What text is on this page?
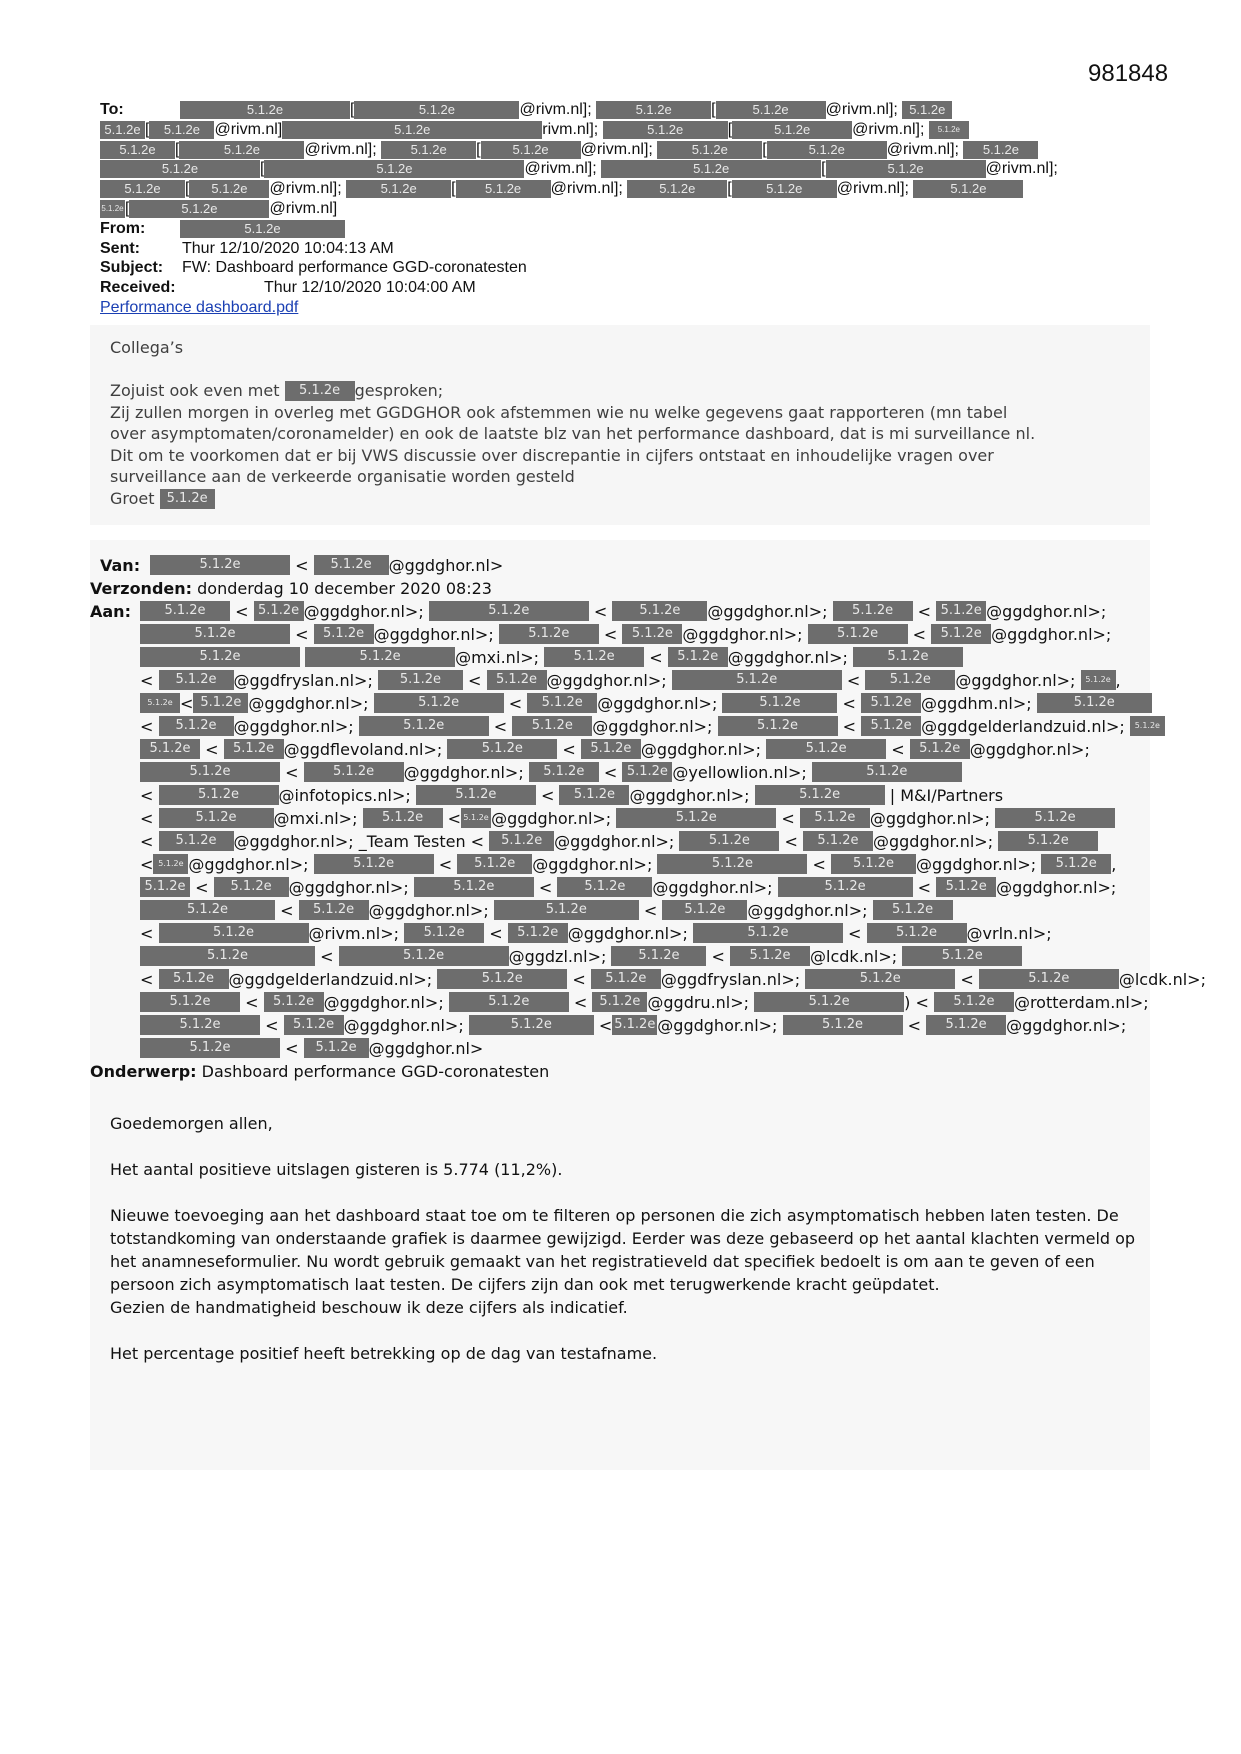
981848
To:	5.1.2e	[	5.1.2e	@rivm.nl];	5.1.2e [	5.1.2e @rivm.nl]; 5.1.2e
5.1.2e [ 5.1.2e @rivm.nl]	5.1.2e	rivm.nl];	5.1.2e	[	5.1.2e	@rivm.nl]; 5.1.2e
5.1.2e [	5.1.2e	@rivm.nl]; 5.1.2e [ 5.1.2e @rivm.nl];	5.1.2e [	5.1.2e	@rivm.nl]; 5.1.2e
5.1.2e	[	5.1.2e	@rivm.nl];	5.1.2e	[	5.1.2e	@rivm.nl];
5.1.2e [ 5.1.2e @rivm.nl];	5.1.2e [ 5.1.2e @rivm.nl]; 5.1.2e [	5.1.2e @rivm.nl];	5.1.2e
5.1.2e[	5.1.2e	@rivm.nl]
From:	5.1.2e
Sent:	Thur 12/10/2020 10:04:13 AM
Subject: FW: Dashboard performance GGD-coronatesten
Received:	Thur 12/10/2020 10:04:00 AM
Performance dashboard.pdf

Collega’s

Zojuist ook even met 5.1.2e gesproken;

Zij zullen morgen in overleg met GGDGHOR ook afstemmen wie nu welke gegevens gaat rapporteren (mn tabel

over asymptomaten/coronamelder) en ook de laatste blz van het performance dashboard, dat is mi surveillance nl.

Dit om te voorkomen dat er bij VWS discussie over discrepantie in cijfers ontstaat en inhoudelijke vragen over

surveillance aan de verkeerde organisatie worden gesteld

Groet 5.1.2e

Van:	5.1.2e	< 5.1.2e @ggdghor.nl>
Verzonden: donderdag 10 december 2020 08:23
Aan:	5.1.2e < 5.1.2e @ggdghor.nl>;	5.1.2e	< 5.1.2e @ggdghor.nl>; 5.1.2e < 5.1.2e @ggdghor.nl>;
5.1.2e	< 5.1.2e @ggdghor.nl>; 5.1.2e < 5.1.2e @ggdghor.nl>; 5.1.2e < 5.1.2e @ggdghor.nl>;
5.1.2e	5.1.2e	@mxi.nl>; 5.1.2e < 5.1.2e @ggdghor.nl>;	5.1.2e
< 5.1.2e @ggdfryslan.nl>; 5.1.2e < 5.1.2e @ggdghor.nl>;	5.1.2e	< 5.1.2e @ggdghor.nl>; 5.1.2e ,
5.1.2e < 5.1.2e @ggdghor.nl>;	5.1.2e	< 5.1.2e @ggdghor.nl>;	5.1.2e < 5.1.2e @ggdhm.nl>;	5.1.2e
< 5.1.2e @ggdghor.nl>;	5.1.2e	< 5.1.2e @ggdghor.nl>;	5.1.2e < 5.1.2e @ggdgelderlandzuid.nl>; 5.1.2e
5.1.2e < 5.1.2e @ggdflevoland.nl>;	5.1.2e < 5.1.2e @ggdghor.nl>;	5.1.2e < 5.1.2e @ggdghor.nl>;
5.1.2e	< 5.1.2e @ggdghor.nl>; 5.1.2e < 5.1.2e @yellowlion.nl>;	5.1.2e
<	5.1.2e @infotopics.nl>;	5.1.2e < 5.1.2e @ggdghor.nl>;	5.1.2e	| M&I/Partners
<	5.1.2e @mxi.nl>; 5.1.2e < 5.1.2e @ggdghor.nl>;	5.1.2e	< 5.1.2e @ggdghor.nl>;	5.1.2e
< 5.1.2e @ggdghor.nl>; _Team Testen < 5.1.2e @ggdghor.nl>; 5.1.2e < 5.1.2e @ggdghor.nl>; 5.1.2e
< 5.1.2e @ggdghor.nl>;	5.1.2e < 5.1.2e @ggdghor.nl>;	5.1.2e	< 5.1.2e @ggdghor.nl>; 5.1.2e ,
5.1.2e < 5.1.2e @ggdghor.nl>;	5.1.2e < 5.1.2e @ggdghor.nl>;	5.1.2e	< 5.1.2e @ggdghor.nl>;
5.1.2e	< 5.1.2e @ggdghor.nl>;	5.1.2e	< 5.1.2e @ggdghor.nl>; 5.1.2e
<	5.1.2e	@rivm.nl>; 5.1.2e < 5.1.2e @ggdghor.nl>;	5.1.2e	< 5.1.2e @vrln.nl>;
5.1.2e	<	5.1.2e	@ggdzl.nl>; 5.1.2e < 5.1.2e @lcdk.nl>;	5.1.2e
< 5.1.2e @ggdgelderlandzuid.nl>;	5.1.2e	< 5.1.2e @ggdfryslan.nl>;	5.1.2e	<	5.1.2e	@lcdk.nl>;
5.1.2e < 5.1.2e @ggdghor.nl>;	5.1.2e < 5.1.2e @ggdru.nl>;	5.1.2e	) < 5.1.2e @rotterdam.nl>;
5.1.2e < 5.1.2e @ggdghor.nl>;	5.1.2e	< 5.1.2e @ggdghor.nl>;	5.1.2e < 5.1.2e @ggdghor.nl>;
5.1.2e	< 5.1.2e @ggdghor.nl>
Onderwerp: Dashboard performance GGD-coronatesten

Goedemorgen allen,

Het aantal positieve uitslagen gisteren is 5.774 (11,2%).

Nieuwe toevoeging aan het dashboard staat toe om te filteren op personen die zich asymptomatisch hebben laten testen. De totstandkoming van onderstaande grafiek is daarmee gewijzigd. Eerder was deze gebaseerd op het aantal klachten vermeld op het anamneseformulier. Nu wordt gebruik gemaakt van het registratieveld dat specifiek bedoelt is om aan te geven of een persoon zich asymptomatisch laat testen. De cijfers zijn dan ook met terugwerkende kracht geüpdatet.

Gezien de handmatigheid beschouw ik deze cijfers als indicatief.

Het percentage positief heeft betrekking op de dag van testafname.
